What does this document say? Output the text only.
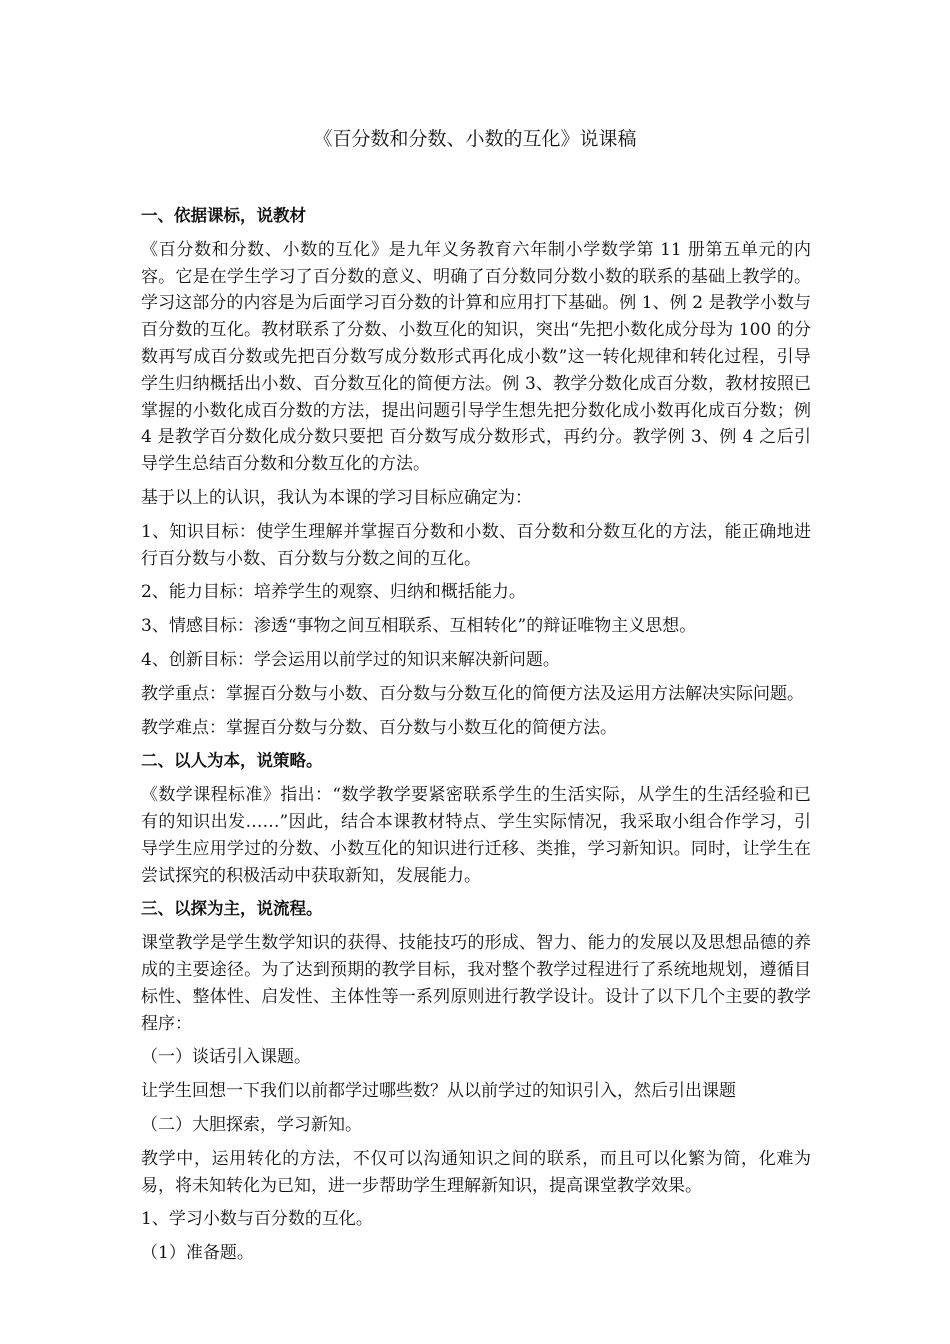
《百分数和分数、小数的互化》说课稿

一、依据课标，说教材

《百分数和分数、小数的互化》是九年义务教育六年制小学数学第 11 册第五单元的内容。它是在学生学习了百分数的意义、明确了百分数同分数小数的联系的基础上教学的。学习这部分的内容是为后面学习百分数的计算和应用打下基础。例 1、例 2 是教学小数与百分数的互化。教材联系了分数、小数互化的知识，突出“先把小数化成分母为 100 的分数再写成百分数或先把百分数写成分数形式再化成小数”这一转化规律和转化过程，引导学生归纳概括出小数、百分数互化的简便方法。例 3、教学分数化成百分数，教材按照已掌握的小数化成百分数的方法，提出问题引导学生想先把分数化成小数再化成百分数；例 4 是教学百分数化成分数只要把 百分数写成分数形式，再约分。教学例 3、例 4 之后引导学生总结百分数和分数互化的方法。

基于以上的认识，我认为本课的学习目标应确定为：

1、知识目标：使学生理解并掌握百分数和小数、百分数和分数互化的方法，能正确地进行百分数与小数、百分数与分数之间的互化。

2、能力目标：培养学生的观察、归纳和概括能力。

3、情感目标：渗透“事物之间互相联系、互相转化”的辩证唯物主义思想。

4、创新目标：学会运用以前学过的知识来解决新问题。

教学重点：掌握百分数与小数、百分数与分数互化的简便方法及运用方法解决实际问题。

教学难点：掌握百分数与分数、百分数与小数互化的简便方法。

二、以人为本，说策略。

《数学课程标准》指出：“数学教学要紧密联系学生的生活实际，从学生的生活经验和已有的知识出发……”因此，结合本课教材特点、学生实际情况，我采取小组合作学习，引导学生应用学过的分数、小数互化的知识进行迁移、类推，学习新知识。同时，让学生在尝试探究的积极活动中获取新知，发展能力。

三、以探为主，说流程。

课堂教学是学生数学知识的获得、技能技巧的形成、智力、能力的发展以及思想品德的养成的主要途径。为了达到预期的教学目标，我对整个教学过程进行了系统地规划，遵循目标性、整体性、启发性、主体性等一系列原则进行教学设计。设计了以下几个主要的教学程序：

（一）谈话引入课题。

让学生回想一下我们以前都学过哪些数？从以前学过的知识引入，然后引出课题

（二）大胆探索，学习新知。

教学中，运用转化的方法，不仅可以沟通知识之间的联系，而且可以化繁为简，化难为易，将未知转化为已知，进一步帮助学生理解新知识，提高课堂教学效果。

1、学习小数与百分数的互化。

（1）准备题。
